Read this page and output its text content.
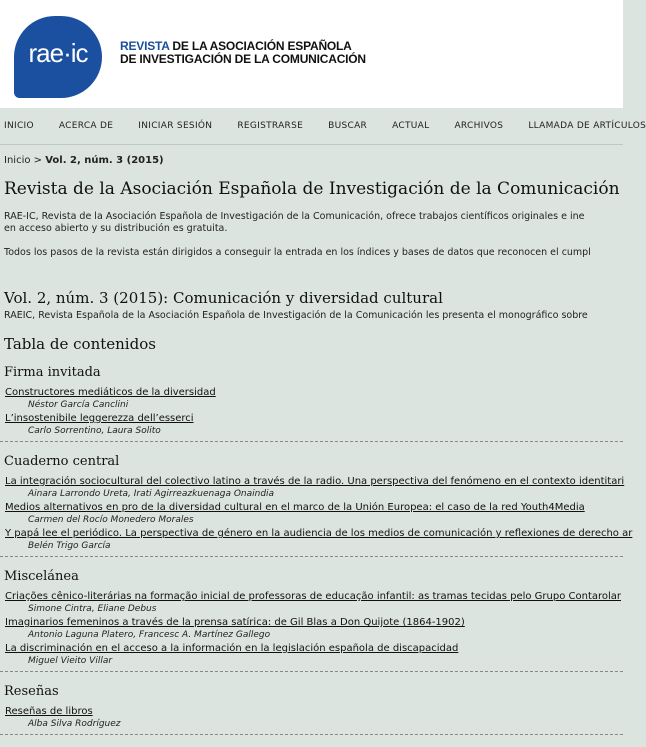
rae·ic	REVISTA DE LA ASOCIACIÓN ESPAÑOLA
DE INVESTIGACIÓN DE LA COMUNICACIÓN
INICIO	ACERCA DE	INICIAR SESIÓN	REGISTRARSE	BUSCAR	ACTUAL	ARCHIVOS	LLAMADA DE ARTÍCULOS
Inicio > Vol. 2, núm. 3 (2015)
Revista de la Asociación Española de Investigación de la Comunicación
RAE-IC, Revista de la Asociación Española de Investigación de la Comunicación, ofrece trabajos científicos originales e ine
en acceso abierto y su distribución es gratuita.
Todos los pasos de la revista están dirigidos a conseguir la entrada en los índices y bases de datos que reconocen el cumpl
Vol. 2, núm. 3 (2015): Comunicación y diversidad cultural
RAEIC, Revista Española de la Asociación Española de Investigación de la Comunicación les presenta el monográfico sobre
Tabla de contenidos
Firma invitada
Constructores mediáticos de la diversidad
Néstor García Canclini
L’insostenibile leggerezza dell’esserci
Carlo Sorrentino, Laura Solito
Cuaderno central
La integración sociocultural del colectivo latino a través de la radio. Una perspectiva del fenómeno en el contexto identitari
Ainara Larrondo Ureta, Irati Agirreazkuenaga Onaindia
Medios alternativos en pro de la diversidad cultural en el marco de la Unión Europea: el caso de la red Youth4Media
Carmen del Rocío Monedero Morales
Y papá lee el periódico. La perspectiva de género en la audiencia de los medios de comunicación y reflexiones de derecho ar
Belén Trigo García
Miscelánea
Criações cênico-literárias na formação inicial de professoras de educação infantil: as tramas tecidas pelo Grupo Contarolar
Simone Cintra, Eliane Debus
Imaginarios femeninos a través de la prensa satírica: de Gil Blas a Don Quijote (1864-1902)
Antonio Laguna Platero, Francesc A. Martínez Gallego
La discriminación en el acceso a la información en la legislación española de discapacidad
Miguel Vieito Villar
Reseñas
Reseñas de libros
Alba Silva Rodríguez
